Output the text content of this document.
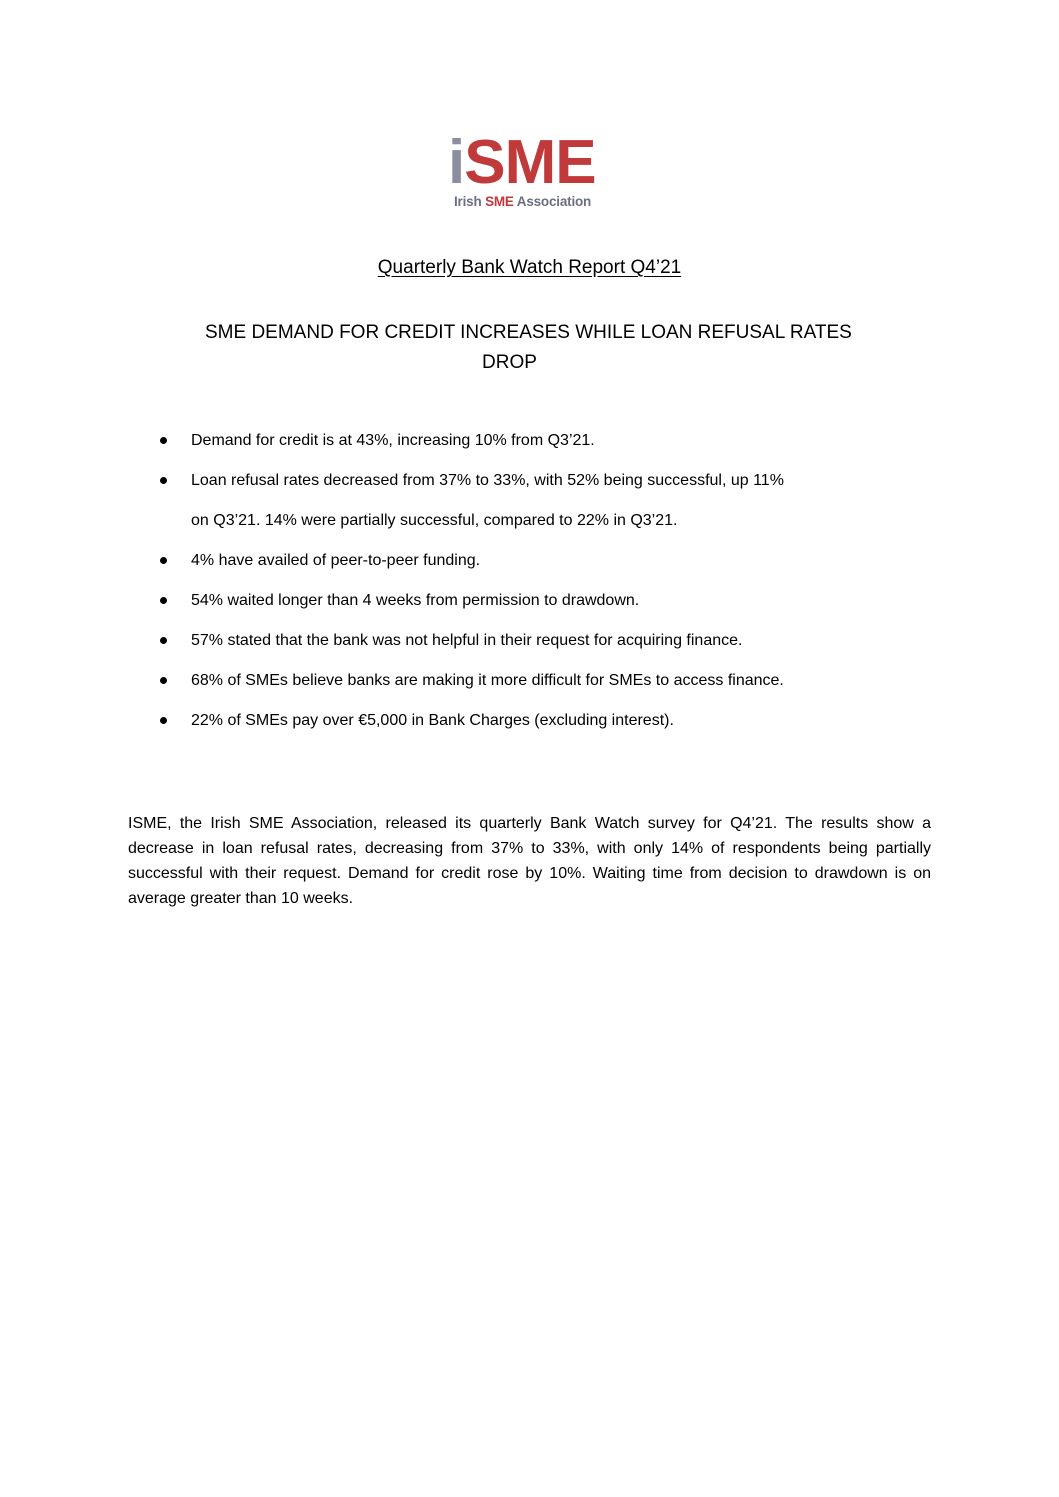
iSME
Irish SME Association
Quarterly Bank Watch Report Q4’21
SME DEMAND FOR CREDIT INCREASES WHILE LOAN REFUSAL RATES
DROP
Demand for credit is at 43%, increasing 10% from Q3’21.
Loan refusal rates decreased from 37% to 33%, with 52% being successful, up 11%
on Q3’21. 14% were partially successful, compared to 22% in Q3’21.
4% have availed of peer-to-peer funding.
54% waited longer than 4 weeks from permission to drawdown.
57% stated that the bank was not helpful in their request for acquiring finance.
68% of SMEs believe banks are making it more difficult for SMEs to access finance.
22% of SMEs pay over €5,000 in Bank Charges (excluding interest).

ISME, the Irish SME Association, released its quarterly Bank Watch survey for Q4’21. The results show a decrease in loan refusal rates, decreasing from 37% to 33%, with only 14% of respondents being partially successful with their request. Demand for credit rose by 10%. Waiting time from decision to drawdown is on average greater than 10 weeks.
